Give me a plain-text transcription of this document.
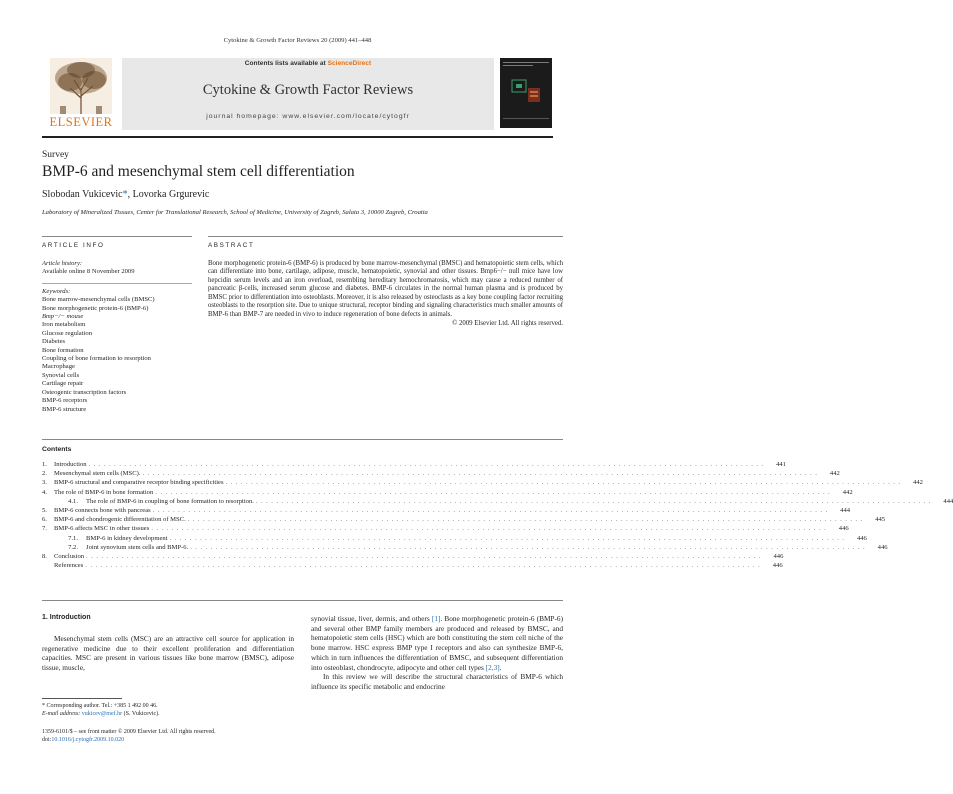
Cytokine & Growth Factor Reviews 20 (2009) 441–448
ELSEVIER
Contents lists available at ScienceDirect
Cytokine & Growth Factor Reviews
journal homepage: www.elsevier.com/locate/cytogfr
Survey
BMP-6 and mesenchymal stem cell differentiation
Slobodan Vukicevic*, Lovorka Grgurevic
Laboratory of Mineralized Tissues, Center for Translational Research, School of Medicine, University of Zagreb, Salata 3, 10000 Zagreb, Croatia
ARTICLE INFO	ABSTRACT
Article history:
Available online 8 November 2009
Keywords:
Bone marrow-mesenchymal cells (BMSC)
Bone morphogenetic protein-6 (BMP-6)
Bmp−/− mouse
Iron metabolism
Glucose regulation
Diabetes
Bone formation
Coupling of bone formation to resorption
Macrophage
Synovial cells
Cartilage repair
Osteogenic transcription factors
BMP-6 receptors
BMP-6 structure
Bone morphogenetic protein-6 (BMP-6) is produced by bone marrow-mesenchymal (BMSC) and hematopoietic stem cells, which can differentiate into bone, cartilage, adipose, muscle, hematopoietic, synovial and other tissues. Bmp6−/− null mice have low hepcidin serum levels and an iron overload, resembling hereditary hemochromatosis, which may cause a reduced number of pancreatic β-cells, increased serum glucose and diabetes. BMP-6 circulates in the normal human plasma and is produced by BMSC prior to differentiation into osteoblasts. Moreover, it is also released by osteoclasts as a key bone coupling factor recruiting osteoblasts to the resorption site. Due to unique structural, receptor binding and signaling characteristics much smaller amounts of BMP-6 than BMP-7 are needed in vivo to induce regeneration of bone defects in animals.
© 2009 Elsevier Ltd. All rights reserved.
Contents
1.	Introduction . . . . . . . . . . . . . . . . . . . . . . . . . . . . . . . . . . . . . . . . . . . . . . . . . . . . . . . . . . . . . . . . . . . . . . . . . . . . . . . . . . . . . . . . . . . . . . . . . . . . . . . . . . . . . . . . . . . . . . . . . . . . . . . . . . . . .	441
2.	Mesenchymal stem cells (MSC). . . . . . . . . . . . . . . . . . . . . . . . . . . . . . . . . . . . . . . . . . . . . . . . . . . . . . . . . . . . . . . . . . . . . . . . . . . . . . . . . . . . . . . . . . . . . . . . . . . . . . . . . . . . . . . . . . . . . . . . . . . . . . . . . . . . . .	442
3.	BMP-6 structural and comparative receptor binding specificities . . . . . . . . . . . . . . . . . . . . . . . . . . . . . . . . . . . . . . . . . . . . . . . . . . . . . . . . . . . . . . . . . . . . . . . . . . . . . . . . . . . . . . . . . . . . . . . . . . . . . . . . . . . . . . . . . . . . . . . . . . . . . . . . . . . . .	442
4.	The role of BMP-6 in bone formation . . . . . . . . . . . . . . . . . . . . . . . . . . . . . . . . . . . . . . . . . . . . . . . . . . . . . . . . . . . . . . . . . . . . . . . . . . . . . . . . . . . . . . . . . . . . . . . . . . . . . . . . . . . . . . . . . . . . . . . . . . . . . . . . . . . . .	442
4.1.	The role of BMP-6 in coupling of bone formation to resorption. . . . . . . . . . . . . . . . . . . . . . . . . . . . . . . . . . . . . . . . . . . . . . . . . . . . . . . . . . . . . . . . . . . . . . . . . . . . . . . . . . . . . . . . . . . . . . . . . . . . . . . . . . . . . . . . . . . . . . . . . . . . . . . . . . . . . .	444
5.	BMP-6 connects bone with pancreas . . . . . . . . . . . . . . . . . . . . . . . . . . . . . . . . . . . . . . . . . . . . . . . . . . . . . . . . . . . . . . . . . . . . . . . . . . . . . . . . . . . . . . . . . . . . . . . . . . . . . . . . . . . . . . . . . . . . . . . . . . . . . . . . . . . . .	444
6.	BMP-6 and chondrogenic differentiation of MSC. . . . . . . . . . . . . . . . . . . . . . . . . . . . . . . . . . . . . . . . . . . . . . . . . . . . . . . . . . . . . . . . . . . . . . . . . . . . . . . . . . . . . . . . . . . . . . . . . . . . . . . . . . . . . . . . . . . . . . . . . . . . . . . . . . . . . .	445
7.	BMP-6 affects MSC in other tissues . . . . . . . . . . . . . . . . . . . . . . . . . . . . . . . . . . . . . . . . . . . . . . . . . . . . . . . . . . . . . . . . . . . . . . . . . . . . . . . . . . . . . . . . . . . . . . . . . . . . . . . . . . . . . . . . . . . . . . . . . . . . . . . . . . . . .	446
7.1.	BMP-6 in kidney development . . . . . . . . . . . . . . . . . . . . . . . . . . . . . . . . . . . . . . . . . . . . . . . . . . . . . . . . . . . . . . . . . . . . . . . . . . . . . . . . . . . . . . . . . . . . . . . . . . . . . . . . . . . . . . . . . . . . . . . . . . . . . . . . . . . . .	446
7.2.	Joint synovium stem cells and BMP-6. . . . . . . . . . . . . . . . . . . . . . . . . . . . . . . . . . . . . . . . . . . . . . . . . . . . . . . . . . . . . . . . . . . . . . . . . . . . . . . . . . . . . . . . . . . . . . . . . . . . . . . . . . . . . . . . . . . . . . . . . . . . . . . . . . . . . .	446
8.	Conclusion . . . . . . . . . . . . . . . . . . . . . . . . . . . . . . . . . . . . . . . . . . . . . . . . . . . . . . . . . . . . . . . . . . . . . . . . . . . . . . . . . . . . . . . . . . . . . . . . . . . . . . . . . . . . . . . . . . . . . . . . . . . . . . . . . . . . .	446
References . . . . . . . . . . . . . . . . . . . . . . . . . . . . . . . . . . . . . . . . . . . . . . . . . . . . . . . . . . . . . . . . . . . . . . . . . . . . . . . . . . . . . . . . . . . . . . . . . . . . . . . . . . . . . . . . . . . . . . . . . . . . . . . . . . . . .	446
1. Introduction
Mesenchymal stem cells (MSC) are an attractive cell source for application in regenerative medicine due to their excellent proliferation and differentiation capacities. MSC are present in various tissues like bone marrow (BMSC), adipose tissue, muscle,
synovial tissue, liver, dermis, and others [1]. Bone morphogenetic protein-6 (BMP-6) and several other BMP family members are produced and released by BMSC, and hematopoietic stem cells (HSC) which are both constituting the stem cell niche of the bone marrow. HSC express BMP type I receptors and also can synthesize BMP-6, which in turn influences the differentiation of BMSC, and subsequent differentiation into osteoblast, chondrocyte, adipocyte and other cell types [2,3].
In this review we will describe the structural characteristics of BMP-6 which influence its specific metabolic and endocrine
* Corresponding author. Tel.: +385 1 492 00 46.
E-mail address: vukicev@mef.hr (S. Vukicevic).
1359-6101/$ – see front matter © 2009 Elsevier Ltd. All rights reserved.
doi:10.1016/j.cytogfr.2009.10.020
